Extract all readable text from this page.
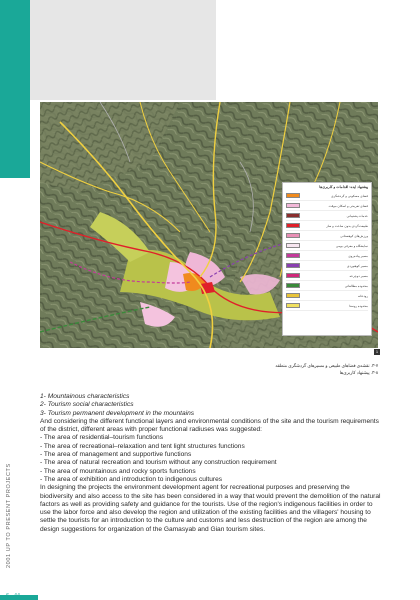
2001 UP TO PRESENT PROJECTS
6 - 44
پیشنهاد ایده: اقدامات و کاربری‌ها
فضای مسکونی و گردشگری
فضای تفریحی و اسکان موقت
خدمات پشتیبانی
طبیعت‌گردی بدون ساخت و ساز
ورزش‌های کوهستانی
نمایشگاه و معرفی بومی
مسیر پیاده‌روی
مسیر کوهنوردی
مسیر دوچرخه
محدوده مطالعاتی
رودخانه
محدوده روستا
1
۳-۷. نقشه‌ی فضاهای طبیعی و مسیرهای گردشگری منطقه
۳-۸. پیشنهاد کاربری‌ها

1- Mountainous characteristics

2- Tourism social characteristics

3- Tourism permanent development in the mountains

And considering the different functional layers and environmental conditions of the site and the tourism requirements of the district, different areas with proper functional radiuses was suggested:

- The area of residential–tourism functions

- The area of recreational–relaxation and tent light structures functions

- The area of management and supportive functions

- The area of natural recreation and tourism without any construction requirement

- The area of mountainous and rocky sports functions

- The area of exhibition and introduction to indigenous cultures

In designing the projects the environment development agent for recreational purposes and preserving the biodiversity and also access to the site has been considered in a way that would prevent the demolition of the natural factors as well as providing safety and guidance for the tourists. Use of the region's indigenous facilities in order to use the labor force and also develop the region and utilization of the existing facilities and the villagers' housing to settle the tourists for an introduction to the culture and customs and less destruction of the region are among the design suggestions for organization of the Gamasyab and Gian tourism sites.
